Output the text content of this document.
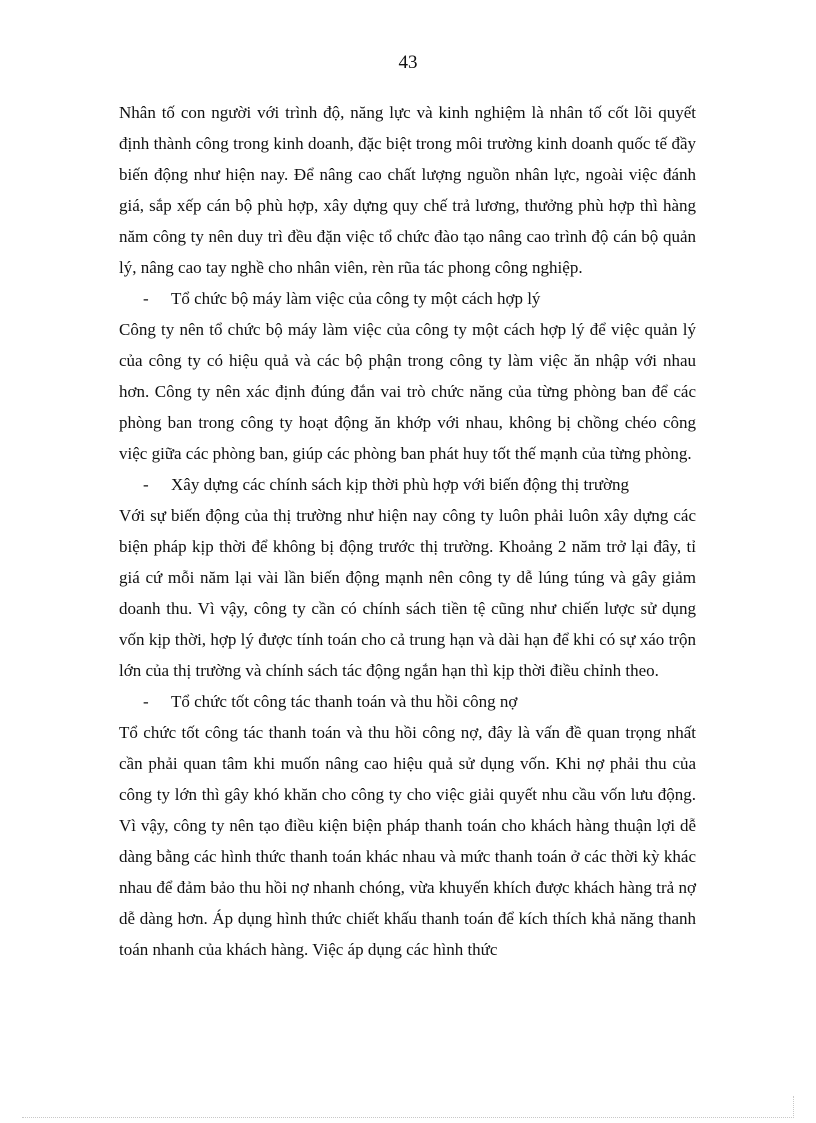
43

Nhân tố con người với trình độ, năng lực và kinh nghiệm là nhân tố cốt lõi quyết định thành công trong kinh doanh, đặc biệt trong môi trường kinh doanh quốc tế đầy biến động như hiện nay. Để nâng cao chất lượng nguồn nhân lực, ngoài việc đánh giá, sắp xếp cán bộ phù hợp, xây dựng quy chế trả lương, thưởng phù hợp thì hàng năm công ty nên duy trì đều đặn việc tổ chức đào tạo nâng cao trình độ cán bộ quản lý, nâng cao tay nghề cho nhân viên, rèn rũa tác phong công nghiệp.

-	Tổ chức bộ máy làm việc của công ty một cách hợp lý

Công ty nên tổ chức bộ máy làm việc của công ty một cách hợp lý để việc quản lý của công ty có hiệu quả và các bộ phận trong công ty làm việc ăn nhập với nhau hơn. Công ty nên xác định đúng đắn vai trò chức năng của từng phòng ban để các phòng ban trong công ty hoạt động ăn khớp với nhau, không bị chồng chéo công việc giữa các phòng ban, giúp các phòng ban phát huy tốt thế mạnh của từng phòng.

-	Xây dựng các chính sách kịp thời phù hợp với biến động thị trường

Với sự biến động của thị trường như hiện nay công ty luôn phải luôn xây dựng các biện pháp kịp thời để không bị động trước thị trường. Khoảng 2 năm trở lại đây, tỉ giá cứ mỗi năm lại vài lần biến động mạnh nên công ty dễ lúng túng và gây giảm doanh thu. Vì vậy, công ty cần có chính sách tiền tệ cũng như chiến lược sử dụng vốn kịp thời, hợp lý được tính toán cho cả trung hạn và dài hạn để khi có sự xáo trộn lớn của thị trường và chính sách tác động ngắn hạn thì kịp thời điều chỉnh theo.

-	Tổ chức tốt công tác thanh toán và thu hồi công nợ

Tổ chức tốt công tác thanh toán và thu hồi công nợ, đây là vấn đề quan trọng nhất cần phải quan tâm khi muốn nâng cao hiệu quả sử dụng vốn. Khi nợ phải thu của công ty lớn thì gây khó khăn cho công ty cho việc giải quyết nhu cầu vốn lưu động. Vì vậy, công ty nên tạo điều kiện biện pháp thanh toán cho khách hàng thuận lợi dễ dàng bằng các hình thức thanh toán khác nhau và mức thanh toán ở các thời kỳ khác nhau để đảm bảo thu hồi nợ nhanh chóng, vừa khuyến khích được khách hàng trả nợ dễ dàng hơn. Áp dụng hình thức chiết khấu thanh toán để kích thích khả năng thanh toán nhanh của khách hàng. Việc áp dụng các hình thức
